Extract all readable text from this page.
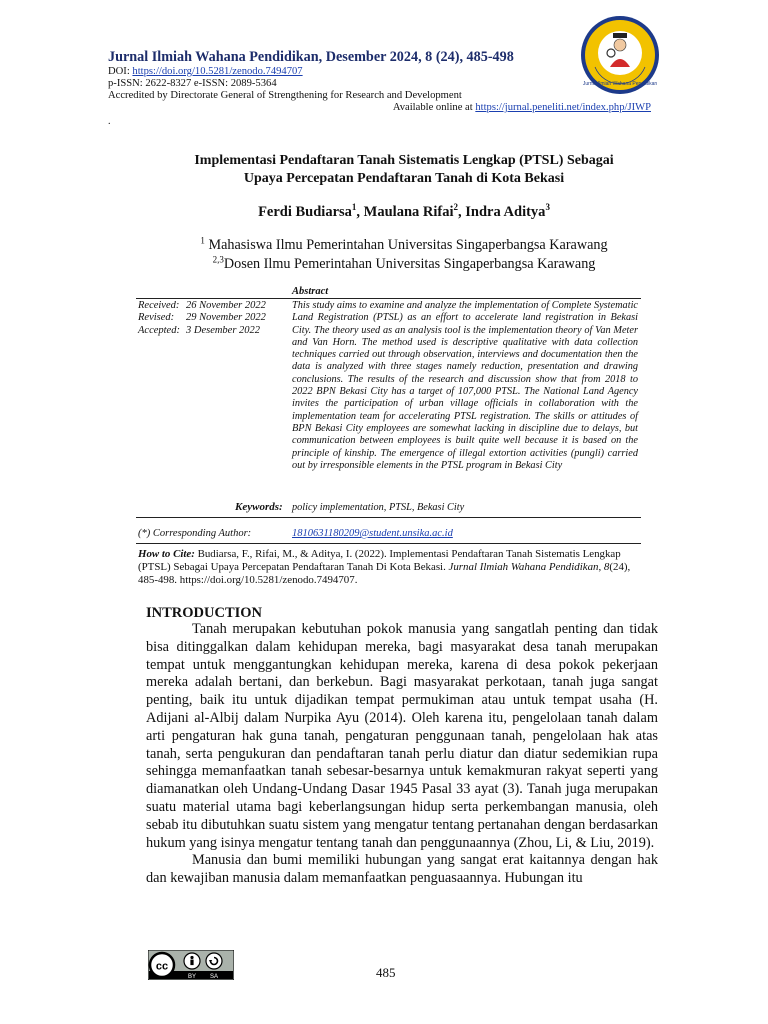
Jurnal Ilmiah Wahana Pendidikan, Desember 2024, 8 (24), 485-498
DOI: https://doi.org/10.5281/zenodo.7494707
p-ISSN: 2622-8327 e-ISSN: 2089-5364
Accredited by Directorate General of Strengthening for Research and Development
Available online at https://jurnal.peneliti.net/index.php/JIWP
.
Jurnal Ilmiah Wahana Pendidikan
Implementasi Pendaftaran Tanah Sistematis Lengkap (PTSL) Sebagai
Upaya Percepatan Pendaftaran Tanah di Kota Bekasi
Ferdi Budiarsa$^1$, Maulana Rifai$^2$, Indra Aditya$^3$
$^1$ Mahasiswa Ilmu Pemerintahan Universitas Singaperbangsa Karawang
$^{2,3}$Dosen Ilmu Pemerintahan Universitas Singaperbangsa Karawang
Abstract
Received:	26 November 2022
Revised:	29 November 2022
Accepted:	3 Desember 2022
This study aims to examine and analyze the implementation of Complete Systematic Land Registration (PTSL) as an effort to accelerate land registration in Bekasi City. The theory used as an analysis tool is the implementation theory of Van Meter and Van Horn. The method used is descriptive qualitative with data collection techniques carried out through observation, interviews and documentation then the data is analyzed with three stages namely reduction, presentation and drawing conclusions. The results of the research and discussion show that from 2018 to 2022 BPN Bekasi City has a target of 107,000 PTSL. The National Land Agency invites the participation of urban village officials in collaboration with the implementation team for accelerating PTSL registration. The skills or attitudes of BPN Bekasi City employees are somewhat lacking in discipline due to delays, but communication between employees is built quite well because it is based on the principle of kinship. The emergence of illegal extortion activities (pungli) carried out by irresponsible elements in the PTSL program in Bekasi City
Keywords: policy implementation, PTSL, Bekasi City
(*) Corresponding Author:	1810631180209@student.unsika.ac.id
How to Cite: Budiarsa, F., Rifai, M., & Aditya, I. (2022). Implementasi Pendaftaran Tanah Sistematis Lengkap (PTSL) Sebagai Upaya Percepatan Pendaftaran Tanah Di Kota Bekasi. Jurnal Ilmiah Wahana Pendidikan, 8(24), 485-498. https://doi.org/10.5281/zenodo.7494707.
INTRODUCTION

Tanah merupakan kebutuhan pokok manusia yang sangatlah penting dan tidak bisa ditinggalkan dalam kehidupan mereka, bagi masyarakat desa tanah merupakan tempat untuk menggantungkan kehidupan mereka, karena di desa pokok pekerjaan mereka adalah bertani, dan berkebun. Bagi masyarakat perkotaan, tanah juga sangat penting, baik itu untuk dijadikan tempat permukiman atau untuk tempat usaha (H. Adijani al-Albij dalam Nurpika Ayu (2014). Oleh karena itu, pengelolaan tanah dalam arti pengaturan hak guna tanah, pengaturan penggunaan tanah, pengelolaan hak atas tanah, serta pengukuran dan pendaftaran tanah perlu diatur dan diatur sedemikian rupa sehingga memanfaatkan tanah sebesar-besarnya untuk kemakmuran rakyat seperti yang diamanatkan oleh Undang-Undang Dasar 1945 Pasal 33 ayat (3). Tanah juga merupakan suatu material utama bagi keberlangsungan hidup serta perkembangan manusia, oleh sebab itu dibutuhkan suatu sistem yang mengatur tentang pertanahan dengan berdasarkan hukum yang isinya mengatur tentang tanah dan penggunaannya (Zhou, Li, & Liu, 2019).

Manusia dan bumi memiliki hubungan yang sangat erat kaitannya dengan hak dan kewajiban manusia dalam memanfaatkan penguasaannya. Hubungan itu

cc
BY SA	485
